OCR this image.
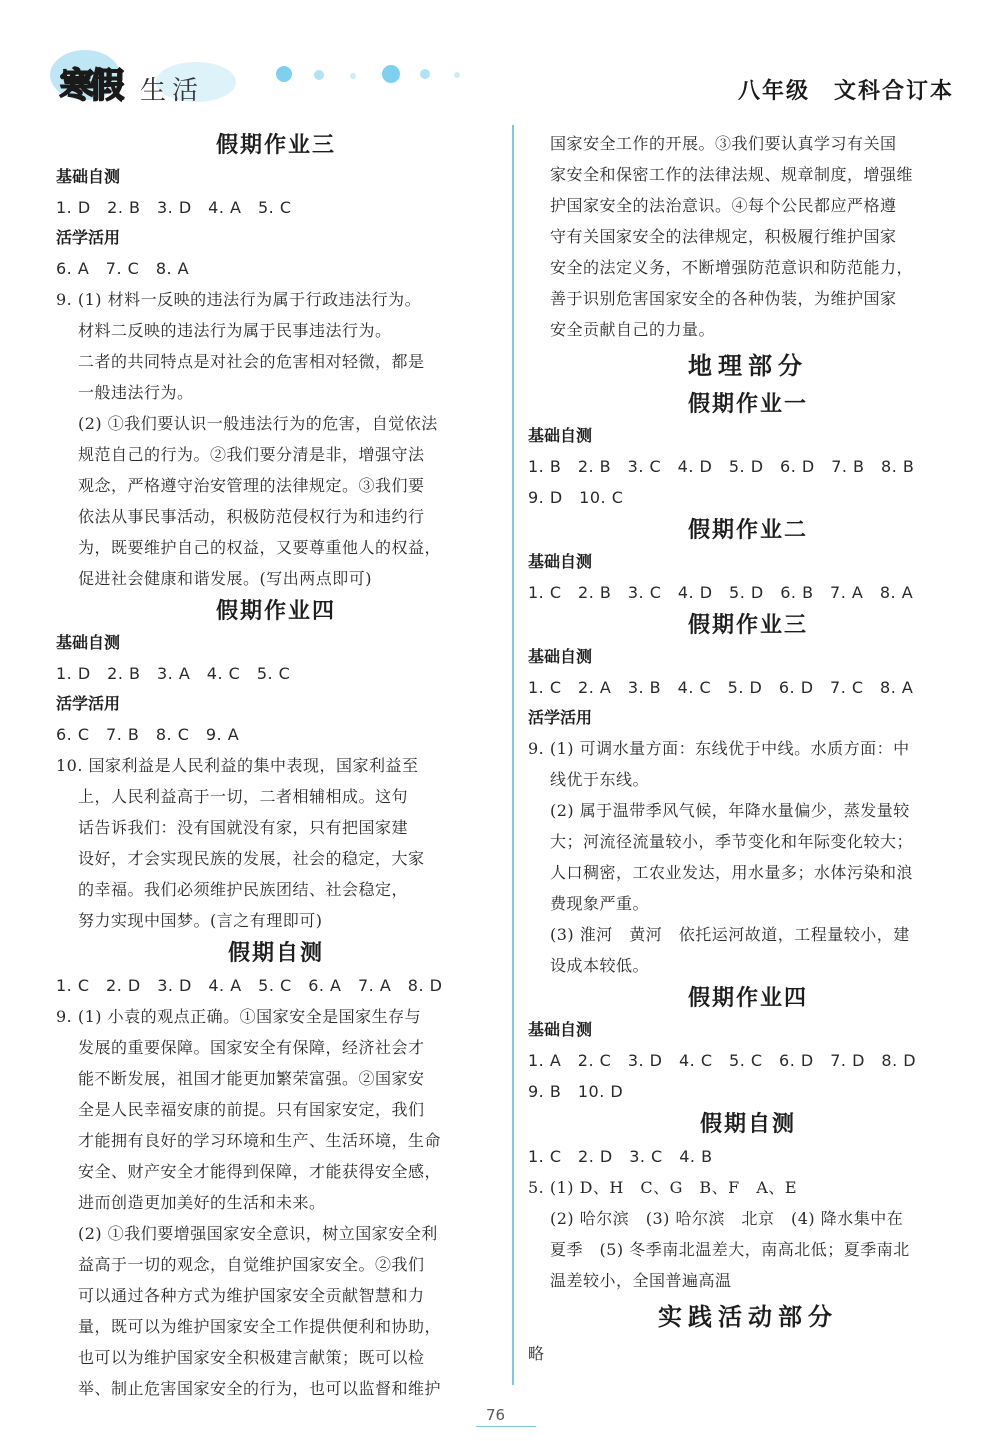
寒假 生活	八年级　文科合订本
假期作业三
基础自测
1. D　2. B　3. D　4. A　5. C
活学活用
6. A　7. C　8. A
9. (1) 材料一反映的违法行为属于行政违法行为。
材料二反映的违法行为属于民事违法行为。
二者的共同特点是对社会的危害相对轻微，都是
一般违法行为。
(2) ①我们要认识一般违法行为的危害，自觉依法
规范自己的行为。②我们要分清是非，增强守法
观念，严格遵守治安管理的法律规定。③我们要
依法从事民事活动，积极防范侵权行为和违约行
为，既要维护自己的权益，又要尊重他人的权益，
促进社会健康和谐发展。(写出两点即可)
假期作业四
基础自测
1. D　2. B　3. A　4. C　5. C
活学活用
6. C　7. B　8. C　9. A
10. 国家利益是人民利益的集中表现，国家利益至
上，人民利益高于一切，二者相辅相成。这句
话告诉我们：没有国就没有家，只有把国家建
设好，才会实现民族的发展，社会的稳定，大家
的幸福。我们必须维护民族团结、社会稳定，
努力实现中国梦。(言之有理即可)
假期自测
1. C　2. D　3. D　4. A　5. C　6. A　7. A　8. D
9. (1) 小袁的观点正确。①国家安全是国家生存与
发展的重要保障。国家安全有保障，经济社会才
能不断发展，祖国才能更加繁荣富强。②国家安
全是人民幸福安康的前提。只有国家安定，我们
才能拥有良好的学习环境和生产、生活环境，生命
安全、财产安全才能得到保障，才能获得安全感，
进而创造更加美好的生活和未来。
(2) ①我们要增强国家安全意识，树立国家安全利
益高于一切的观念，自觉维护国家安全。②我们
可以通过各种方式为维护国家安全贡献智慧和力
量，既可以为维护国家安全工作提供便利和协助，
也可以为维护国家安全积极建言献策；既可以检
举、制止危害国家安全的行为，也可以监督和维护
国家安全工作的开展。③我们要认真学习有关国
家安全和保密工作的法律法规、规章制度，增强维
护国家安全的法治意识。④每个公民都应严格遵
守有关国家安全的法律规定，积极履行维护国家
安全的法定义务，不断增强防范意识和防范能力，
善于识别危害国家安全的各种伪装，为维护国家
安全贡献自己的力量。
地理部分
假期作业一
基础自测
1. B　2. B　3. C　4. D　5. D　6. D　7. B　8. B
9. D　10. C
假期作业二
基础自测
1. C　2. B　3. C　4. D　5. D　6. B　7. A　8. A
假期作业三
基础自测
1. C　2. A　3. B　4. C　5. D　6. D　7. C　8. A
活学活用
9. (1) 可调水量方面：东线优于中线。水质方面：中
线优于东线。
(2) 属于温带季风气候，年降水量偏少，蒸发量较
大；河流径流量较小，季节变化和年际变化较大；
人口稠密，工农业发达，用水量多；水体污染和浪
费现象严重。
(3) 淮河　黄河　依托运河故道，工程量较小，建
设成本较低。
假期作业四
基础自测
1. A　2. C　3. D　4. C　5. C　6. D　7. D　8. D
9. B　10. D
假期自测
1. C　2. D　3. C　4. B
5. (1) D、H　C、G　B、F　A、E
(2) 哈尔滨　(3) 哈尔滨　北京　(4) 降水集中在
夏季　(5) 冬季南北温差大，南高北低；夏季南北
温差较小，全国普遍高温
实践活动部分
略
76
